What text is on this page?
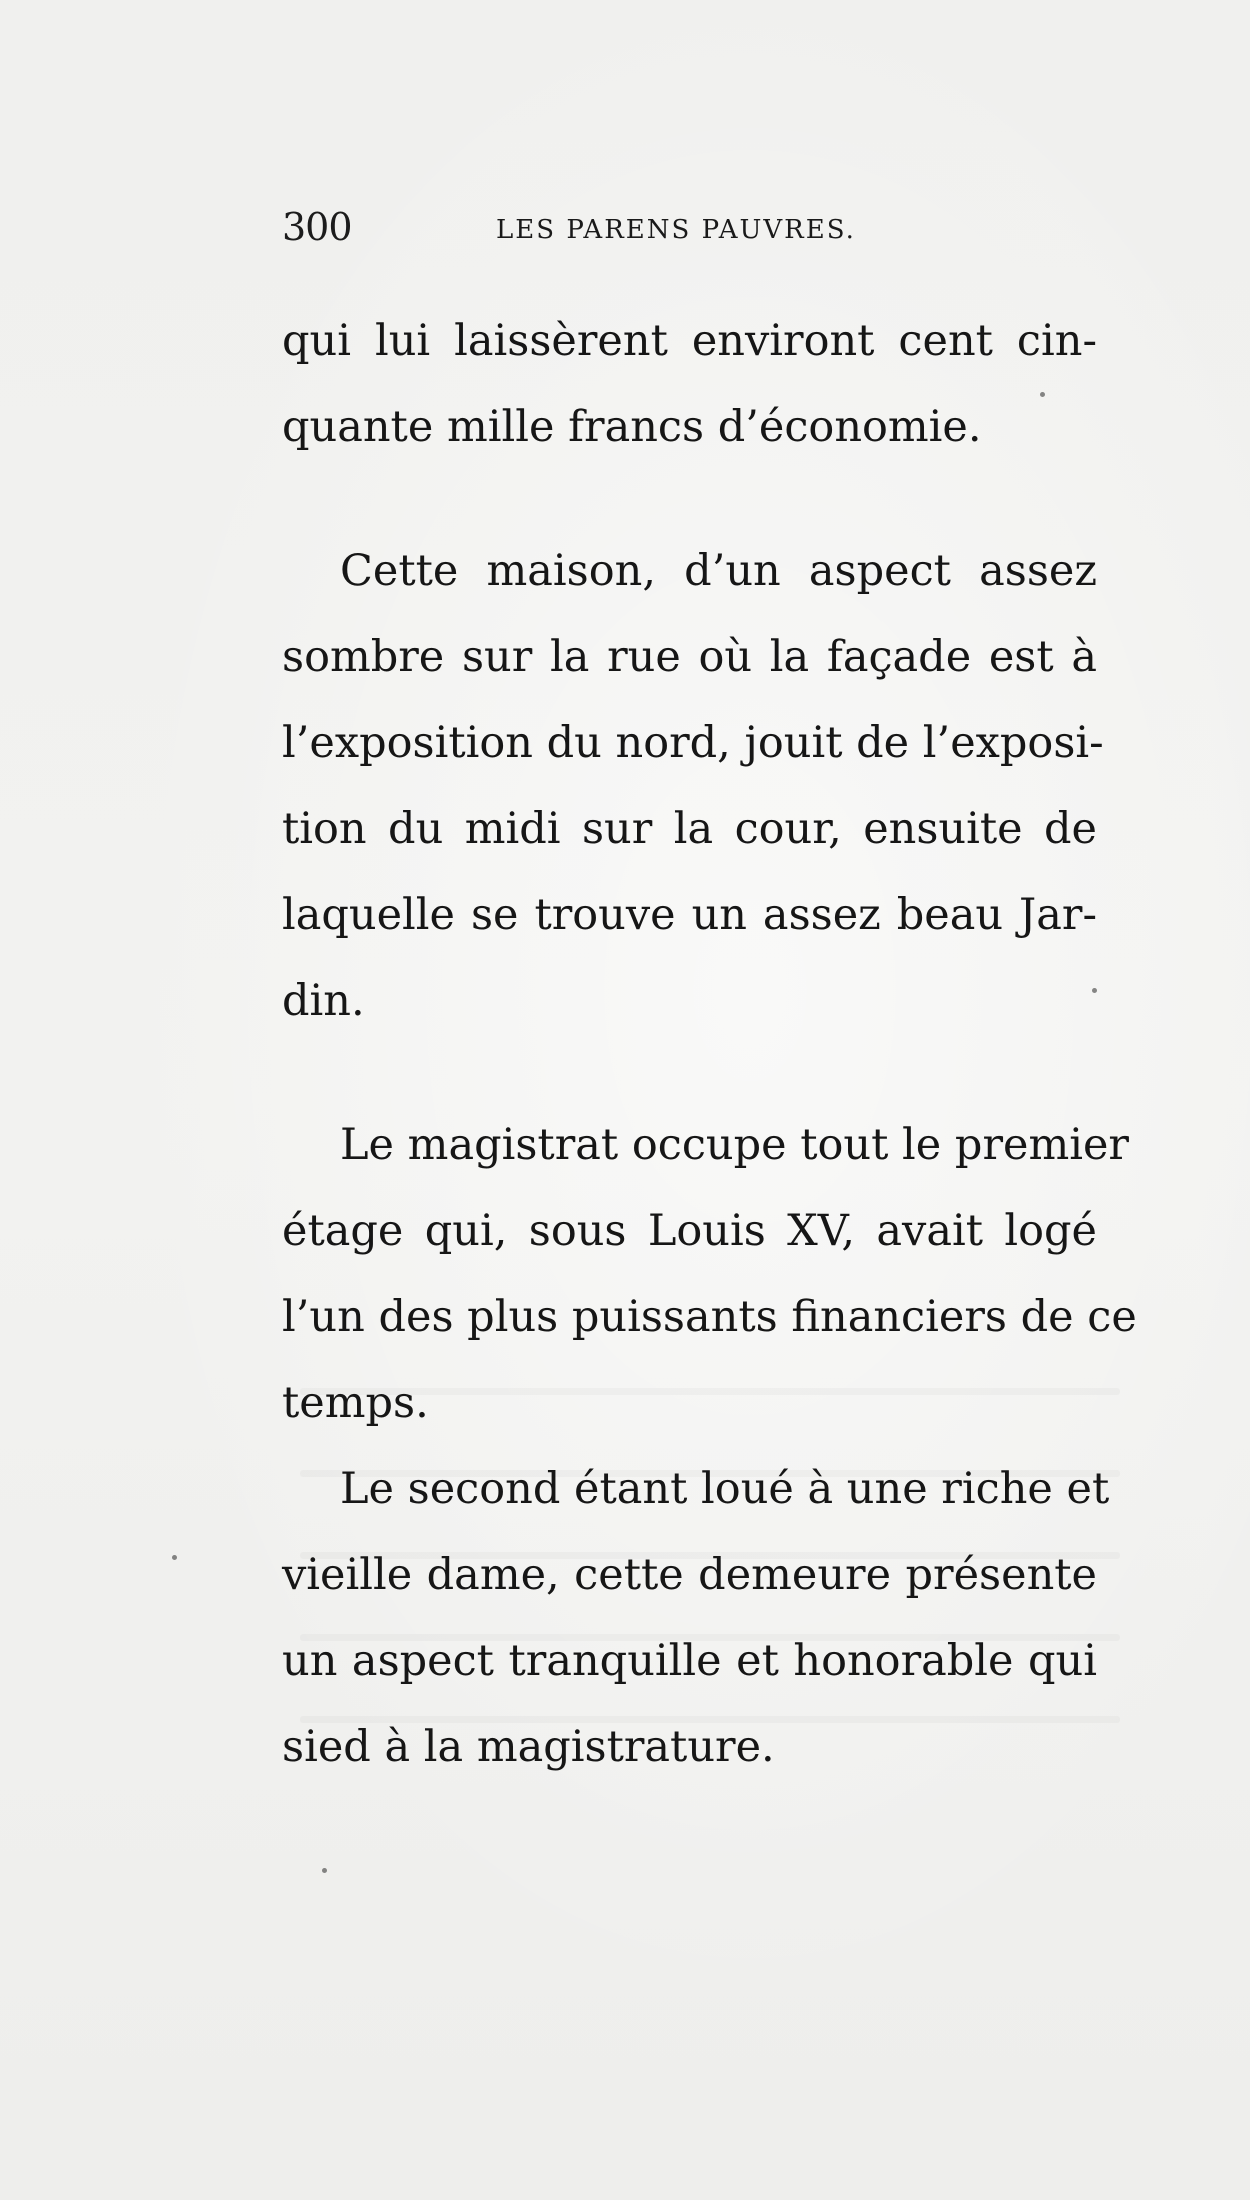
300	LES PARENS PAUVRES.
qui lui laissèrent environt cent cin-
quante mille francs d’économie.
Cette maison, d’un aspect assez
sombre sur la rue où la façade est à
l’exposition du nord, jouit de l’exposi-
tion du midi sur la cour, ensuite de
laquelle se trouve un assez beau Jar-
din.
Le magistrat occupe tout le premier
étage qui, sous Louis XV, avait logé
l’un des plus puissants financiers de ce
temps.
Le second étant loué à une riche et
vieille dame, cette demeure présente
un aspect tranquille et honorable qui
sied à la magistrature.
